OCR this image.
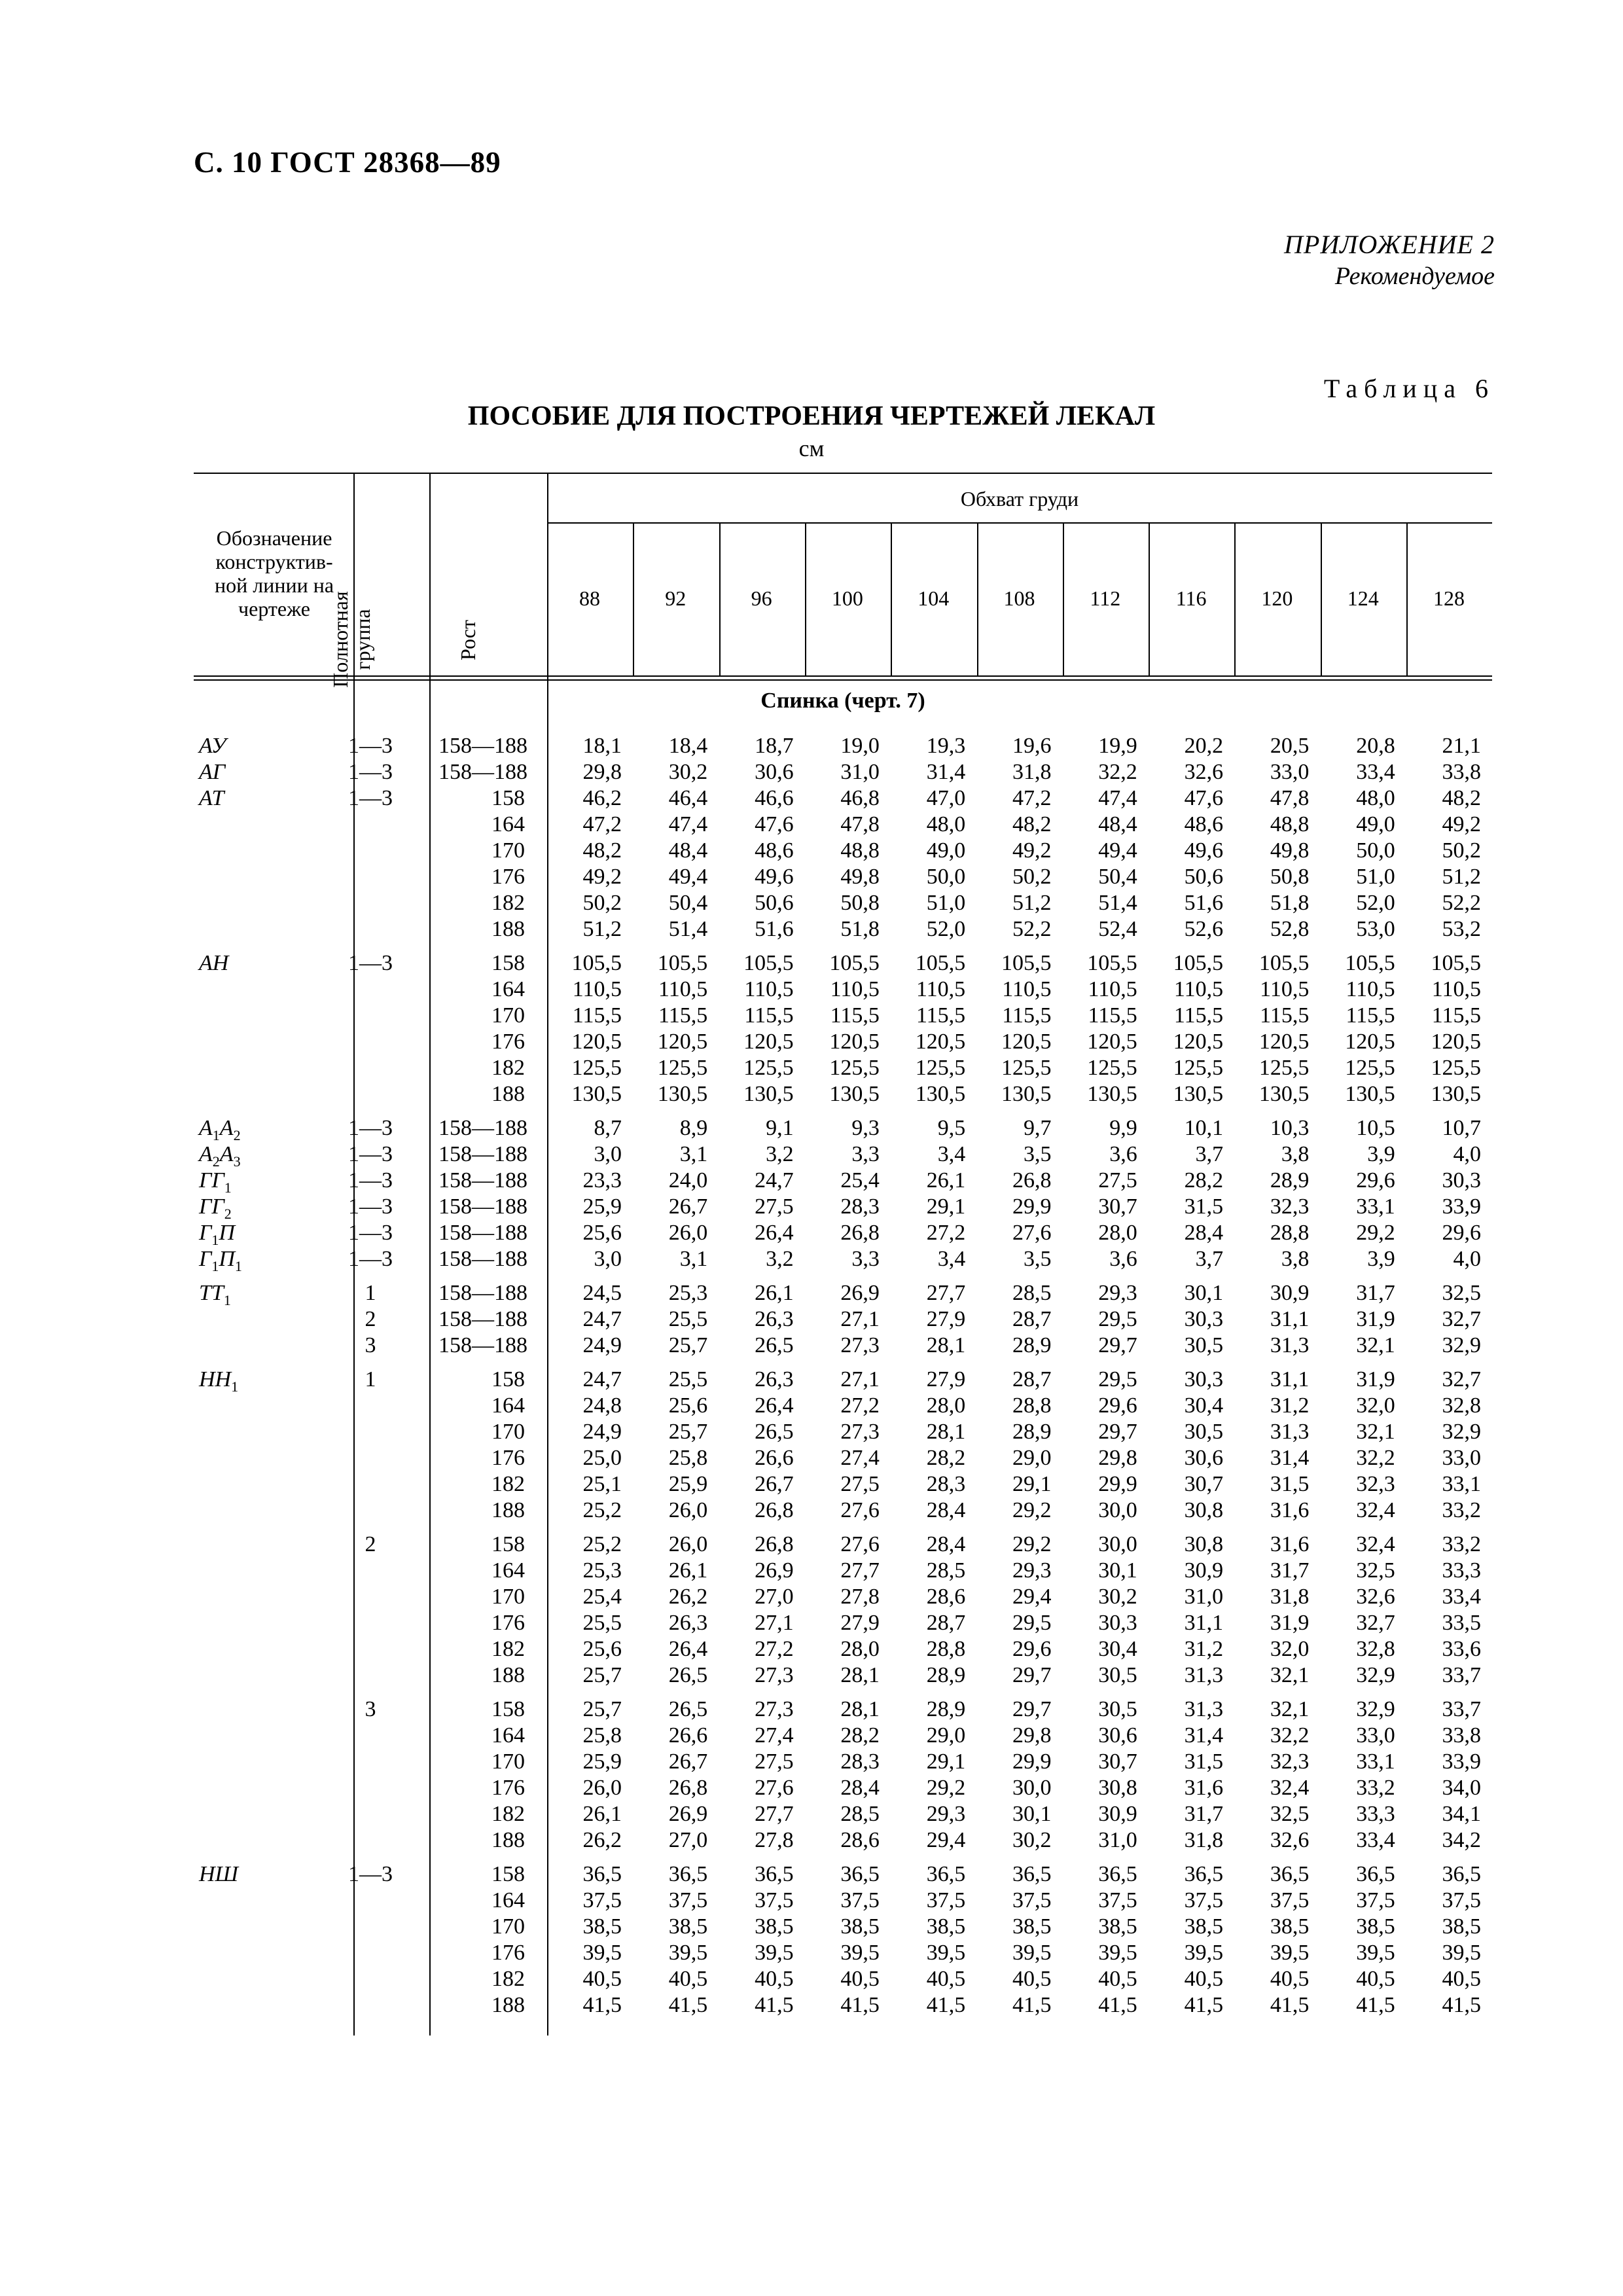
С. 10 ГОСТ 28368—89
ПРИЛОЖЕНИЕ 2
Рекомендуемое
Таблица 6
ПОСОБИЕ ДЛЯ ПОСТРОЕНИЯ ЧЕРТЕЖЕЙ ЛЕКАЛ
см
Обозначение конструктив-ной линии на чертеже Полнотная группа	Рост
Обхват груди
88	92	96	100	104	108	112	116	120	124	128
Спинка (черт. 7)
АУ	1—3 158—188	18,1	18,4	18,7	19,0	19,3	19,6	19,9	20,2	20,5	20,8	21,1
АГ	1—3 158—188	29,8	30,2	30,6	31,0	31,4	31,8	32,2	32,6	33,0	33,4	33,8
АТ	1—3	158	46,2	46,4	46,6	46,8	47,0	47,2	47,4	47,6	47,8	48,0	48,2
164	47,2	47,4	47,6	47,8	48,0	48,2	48,4	48,6	48,8	49,0	49,2
170	48,2	48,4	48,6	48,8	49,0	49,2	49,4	49,6	49,8	50,0	50,2
176	49,2	49,4	49,6	49,8	50,0	50,2	50,4	50,6	50,8	51,0	51,2
182	50,2	50,4	50,6	50,8	51,0	51,2	51,4	51,6	51,8	52,0	52,2
188	51,2	51,4	51,6	51,8	52,0	52,2	52,4	52,6	52,8	53,0	53,2
АН	1—3	158	105,5	105,5	105,5	105,5	105,5	105,5	105,5	105,5	105,5	105,5	105,5
164	110,5	110,5	110,5	110,5	110,5	110,5	110,5	110,5	110,5	110,5	110,5
170	115,5	115,5	115,5	115,5	115,5	115,5	115,5	115,5	115,5	115,5	115,5
176	120,5	120,5	120,5	120,5	120,5	120,5	120,5	120,5	120,5	120,5	120,5
182	125,5	125,5	125,5	125,5	125,5	125,5	125,5	125,5	125,5	125,5	125,5
188	130,5	130,5	130,5	130,5	130,5	130,5	130,5	130,5	130,5	130,5	130,5
$А_1А_2$	1—3 158—188	8,7	8,9	9,1	9,3	9,5	9,7	9,9	10,1	10,3	10,5	10,7
$А_2А_3$	1—3 158—188	3,0	3,1	3,2	3,3	3,4	3,5	3,6	3,7	3,8	3,9	4,0
$ГГ_1$	1—3 158—188	23,3	24,0	24,7	25,4	26,1	26,8	27,5	28,2	28,9	29,6	30,3
$ГГ_2$	1—3 158—188	25,9	26,7	27,5	28,3	29,1	29,9	30,7	31,5	32,3	33,1	33,9
$Г_1П$	1—3 158—188	25,6	26,0	26,4	26,8	27,2	27,6	28,0	28,4	28,8	29,2	29,6
$Г_1П_1$	1—3 158—188	3,0	3,1	3,2	3,3	3,4	3,5	3,6	3,7	3,8	3,9	4,0
$ТТ_1$	1	158—188	24,5	25,3	26,1	26,9	27,7	28,5	29,3	30,1	30,9	31,7	32,5
2	158—188	24,7	25,5	26,3	27,1	27,9	28,7	29,5	30,3	31,1	31,9	32,7
3	158—188	24,9	25,7	26,5	27,3	28,1	28,9	29,7	30,5	31,3	32,1	32,9
$НН_1$	1	158	24,7	25,5	26,3	27,1	27,9	28,7	29,5	30,3	31,1	31,9	32,7
164	24,8	25,6	26,4	27,2	28,0	28,8	29,6	30,4	31,2	32,0	32,8
170	24,9	25,7	26,5	27,3	28,1	28,9	29,7	30,5	31,3	32,1	32,9
176	25,0	25,8	26,6	27,4	28,2	29,0	29,8	30,6	31,4	32,2	33,0
182	25,1	25,9	26,7	27,5	28,3	29,1	29,9	30,7	31,5	32,3	33,1
188	25,2	26,0	26,8	27,6	28,4	29,2	30,0	30,8	31,6	32,4	33,2
2	158	25,2	26,0	26,8	27,6	28,4	29,2	30,0	30,8	31,6	32,4	33,2
164	25,3	26,1	26,9	27,7	28,5	29,3	30,1	30,9	31,7	32,5	33,3
170	25,4	26,2	27,0	27,8	28,6	29,4	30,2	31,0	31,8	32,6	33,4
176	25,5	26,3	27,1	27,9	28,7	29,5	30,3	31,1	31,9	32,7	33,5
182	25,6	26,4	27,2	28,0	28,8	29,6	30,4	31,2	32,0	32,8	33,6
188	25,7	26,5	27,3	28,1	28,9	29,7	30,5	31,3	32,1	32,9	33,7
3	158	25,7	26,5	27,3	28,1	28,9	29,7	30,5	31,3	32,1	32,9	33,7
164	25,8	26,6	27,4	28,2	29,0	29,8	30,6	31,4	32,2	33,0	33,8
170	25,9	26,7	27,5	28,3	29,1	29,9	30,7	31,5	32,3	33,1	33,9
176	26,0	26,8	27,6	28,4	29,2	30,0	30,8	31,6	32,4	33,2	34,0
182	26,1	26,9	27,7	28,5	29,3	30,1	30,9	31,7	32,5	33,3	34,1
188	26,2	27,0	27,8	28,6	29,4	30,2	31,0	31,8	32,6	33,4	34,2
НШ	1—3	158	36,5	36,5	36,5	36,5	36,5	36,5	36,5	36,5	36,5	36,5	36,5
164	37,5	37,5	37,5	37,5	37,5	37,5	37,5	37,5	37,5	37,5	37,5
170	38,5	38,5	38,5	38,5	38,5	38,5	38,5	38,5	38,5	38,5	38,5
176	39,5	39,5	39,5	39,5	39,5	39,5	39,5	39,5	39,5	39,5	39,5
182	40,5	40,5	40,5	40,5	40,5	40,5	40,5	40,5	40,5	40,5	40,5
188	41,5	41,5	41,5	41,5	41,5	41,5	41,5	41,5	41,5	41,5	41,5
